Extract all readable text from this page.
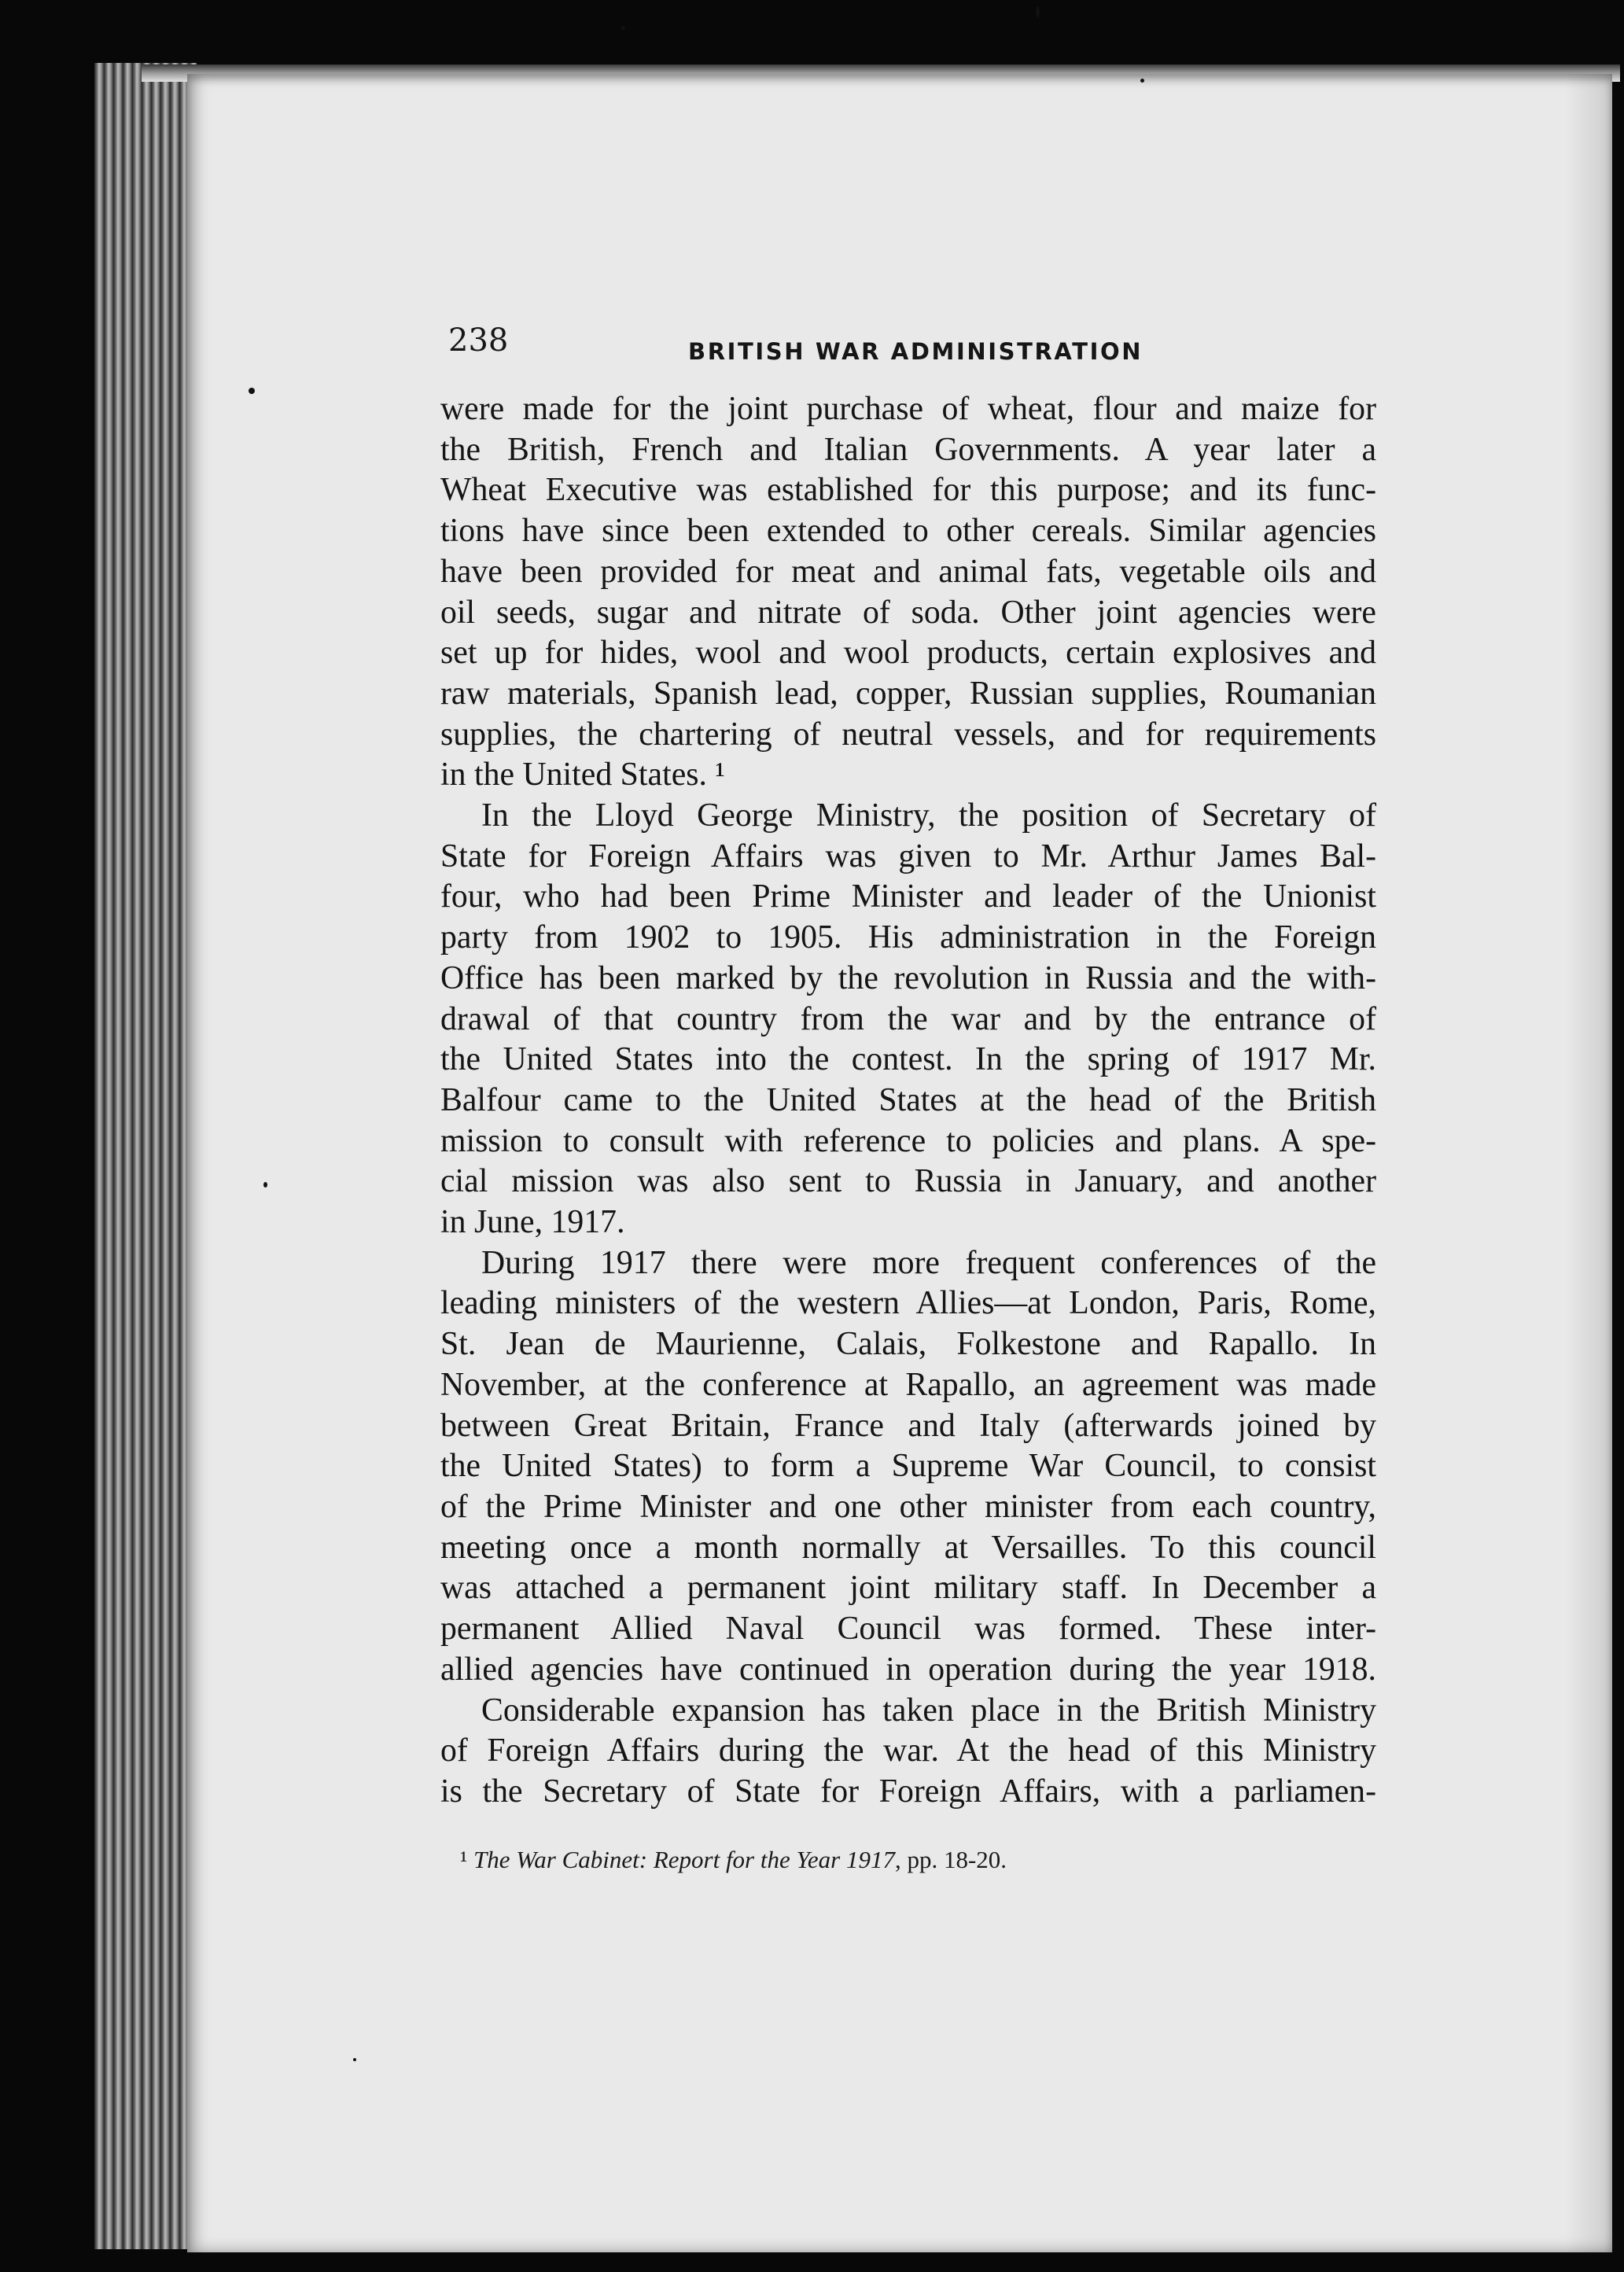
238	BRITISH WAR ADMINISTRATION
were made for the joint purchase of wheat, flour and maize for
the British, French and Italian Governments. A year later a
Wheat Executive was established for this purpose; and its func-
tions have since been extended to other cereals. Similar agencies
have been provided for meat and animal fats, vegetable oils and
oil seeds, sugar and nitrate of soda. Other joint agencies were
set up for hides, wool and wool products, certain explosives and
raw materials, Spanish lead, copper, Russian supplies, Roumanian
supplies, the chartering of neutral vessels, and for requirements
in the United States. ¹
In the Lloyd George Ministry, the position of Secretary of
State for Foreign Affairs was given to Mr. Arthur James Bal-
four, who had been Prime Minister and leader of the Unionist
party from 1902 to 1905. His administration in the Foreign
Office has been marked by the revolution in Russia and the with-
drawal of that country from the war and by the entrance of
the United States into the contest. In the spring of 1917 Mr.
Balfour came to the United States at the head of the British
mission to consult with reference to policies and plans. A spe-
cial mission was also sent to Russia in January, and another
in June, 1917.
During 1917 there were more frequent conferences of the
leading ministers of the western Allies—at London, Paris, Rome,
St. Jean de Maurienne, Calais, Folkestone and Rapallo. In
November, at the conference at Rapallo, an agreement was made
between Great Britain, France and Italy (afterwards joined by
the United States) to form a Supreme War Council, to consist
of the Prime Minister and one other minister from each country,
meeting once a month normally at Versailles. To this council
was attached a permanent joint military staff. In December a
permanent Allied Naval Council was formed. These inter-
allied agencies have continued in operation during the year 1918.
Considerable expansion has taken place in the British Ministry
of Foreign Affairs during the war. At the head of this Ministry
is the Secretary of State for Foreign Affairs, with a parliamen-
¹ The War Cabinet: Report for the Year 1917, pp. 18-20.
